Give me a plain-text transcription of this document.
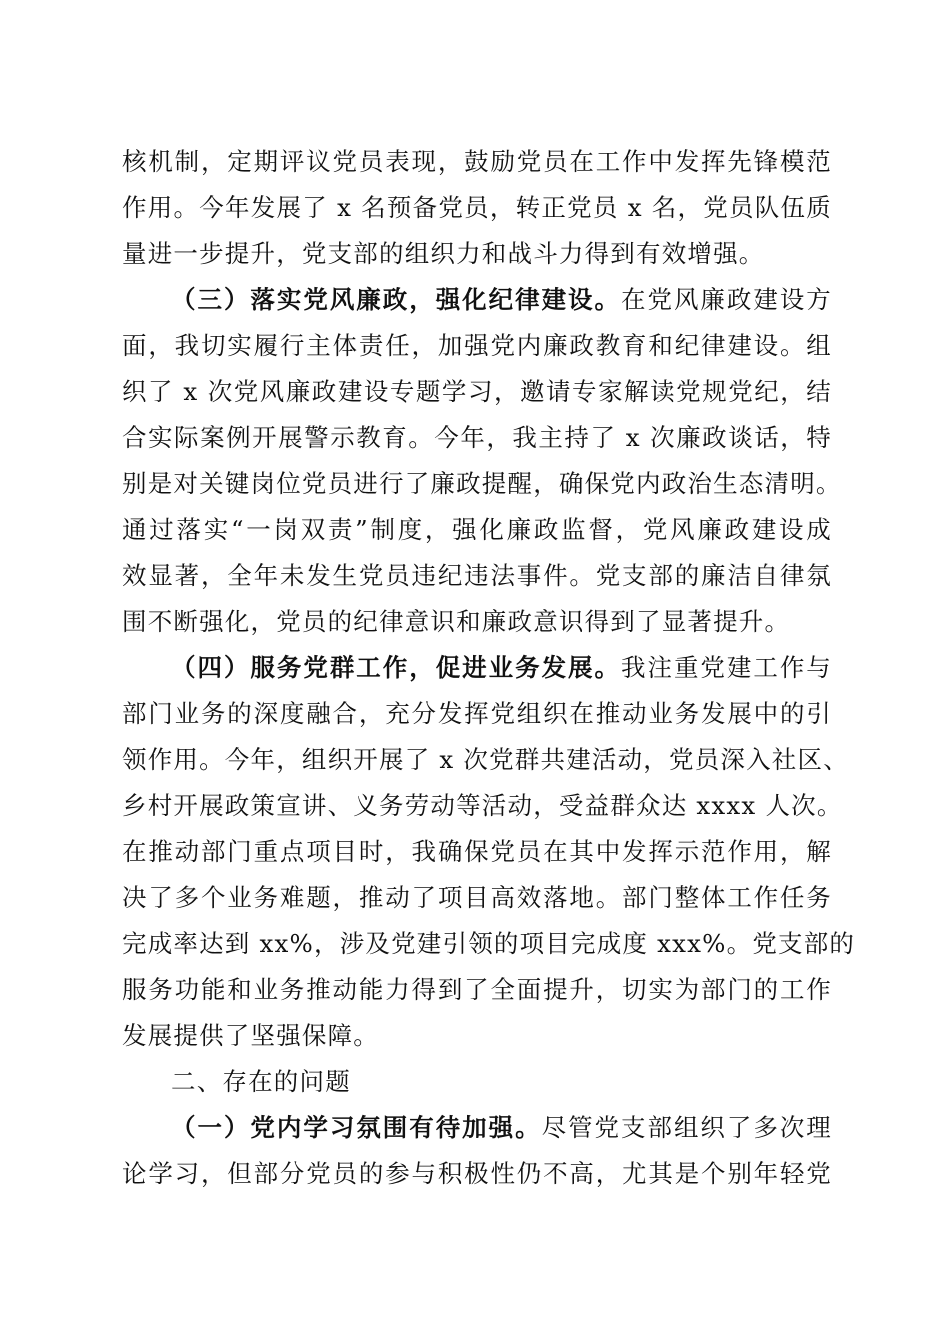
核机制，定期评议党员表现，鼓励党员在工作中发挥先锋模范
作用。今年发展了 x 名预备党员，转正党员 x 名，党员队伍质
量进一步提升，党支部的组织力和战斗力得到有效增强。
（三）落实党风廉政，强化纪律建设。在党风廉政建设方
面，我切实履行主体责任，加强党内廉政教育和纪律建设。组
织了 x 次党风廉政建设专题学习，邀请专家解读党规党纪，结
合实际案例开展警示教育。今年，我主持了 x 次廉政谈话，特
别是对关键岗位党员进行了廉政提醒，确保党内政治生态清明。
通过落实“一岗双责”制度，强化廉政监督，党风廉政建设成
效显著，全年未发生党员违纪违法事件。党支部的廉洁自律氛
围不断强化，党员的纪律意识和廉政意识得到了显著提升。
（四）服务党群工作，促进业务发展。我注重党建工作与
部门业务的深度融合，充分发挥党组织在推动业务发展中的引
领作用。今年，组织开展了 x 次党群共建活动，党员深入社区、
乡村开展政策宣讲、义务劳动等活动，受益群众达 xxxx 人次。
在推动部门重点项目时，我确保党员在其中发挥示范作用，解
决了多个业务难题，推动了项目高效落地。部门整体工作任务
完成率达到 xx%，涉及党建引领的项目完成度 xxx%。党支部的
服务功能和业务推动能力得到了全面提升，切实为部门的工作
发展提供了坚强保障。
二、存在的问题
（一）党内学习氛围有待加强。尽管党支部组织了多次理
论学习，但部分党员的参与积极性仍不高，尤其是个别年轻党
